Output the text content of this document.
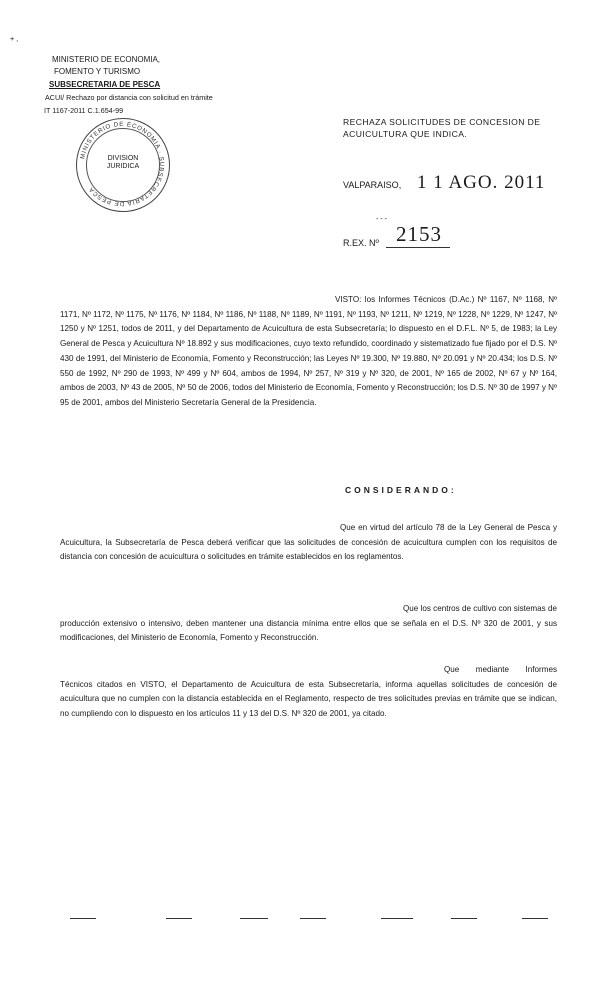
+ ,
MINISTERIO DE ECONOMIA,
FOMENTO Y TURISMO
SUBSECRETARIA DE PESCA
ACUI/ Rechazo por distancia con solicitud en trámite
IT 1167-2011 C.1.654-99
MINISTERIO DE ECONOMIA · SUBSECRETARIA DE PESCA
DIVISION
JURIDICA
RECHAZA SOLICITUDES DE CONCESION DE
ACUICULTURA QUE INDICA.
VALPARAISO, 1 1 AGO. 2011
‑ ‑ ‑
R.EX. Nº 2153
VISTO: los Informes Técnicos (D.Ac.) Nº 1167, Nº 1168, Nº 1171, Nº 1172, Nº 1175, Nº 1176, Nº 1184, Nº 1186, Nº 1188, Nº 1189, Nº 1191, Nº 1193, Nº 1211, Nº 1219, Nº 1228, Nº 1229, Nº 1247, Nº 1250 y Nº 1251, todos de 2011, y del Departamento de Acuicultura de esta Subsecretaría; lo dispuesto en el D.F.L. Nº 5, de 1983; la Ley General de Pesca y Acuicultura Nº 18.892 y sus modificaciones, cuyo texto refundido, coordinado y sistematizado fue fijado por el D.S. Nº 430 de 1991, del Ministerio de Economía, Fomento y Reconstrucción; las Leyes Nº 19.300, Nº 19.880, Nº 20.091 y Nº 20.434; los D.S. Nº 550 de 1992, Nº 290 de 1993, Nº 499 y Nº 604, ambos de 1994, Nº 257, Nº 319 y Nº 320, de 2001, Nº 165 de 2002, Nº 67 y Nº 164, ambos de 2003, Nº 43 de 2005, Nº 50 de 2006, todos del Ministerio de Economía, Fomento y Reconstrucción; los D.S. Nº 30 de 1997 y Nº 95 de 2001, ambos del Ministerio Secretaría General de la Presidencia.
CONSIDERANDO:
Que en virtud del artículo 78 de la Ley General de Pesca y Acuicultura, la Subsecretaría de Pesca deberá verificar que las solicitudes de concesión de acuicultura cumplen con los requisitos de distancia con concesión de acuicultura o solicitudes en trámite establecidos en los reglamentos.
Que los centros de cultivo con sistemas de producción extensivo o intensivo, deben mantener una distancia mínima entre ellos que se señala en el D.S. Nº 320 de 2001, y sus modificaciones, del Ministerio de Economía, Fomento y Reconstrucción.
Que mediante Informes Técnicos citados en VISTO, el Departamento de Acuicultura de esta Subsecretaría, informa aquellas solicitudes de concesión de acuicultura que no cumplen con la distancia establecida en el Reglamento, respecto de tres solicitudes previas en trámite que se indican, no cumpliendo con lo dispuesto en los artículos 11 y 13 del D.S. Nº 320 de 2001, ya citado.
